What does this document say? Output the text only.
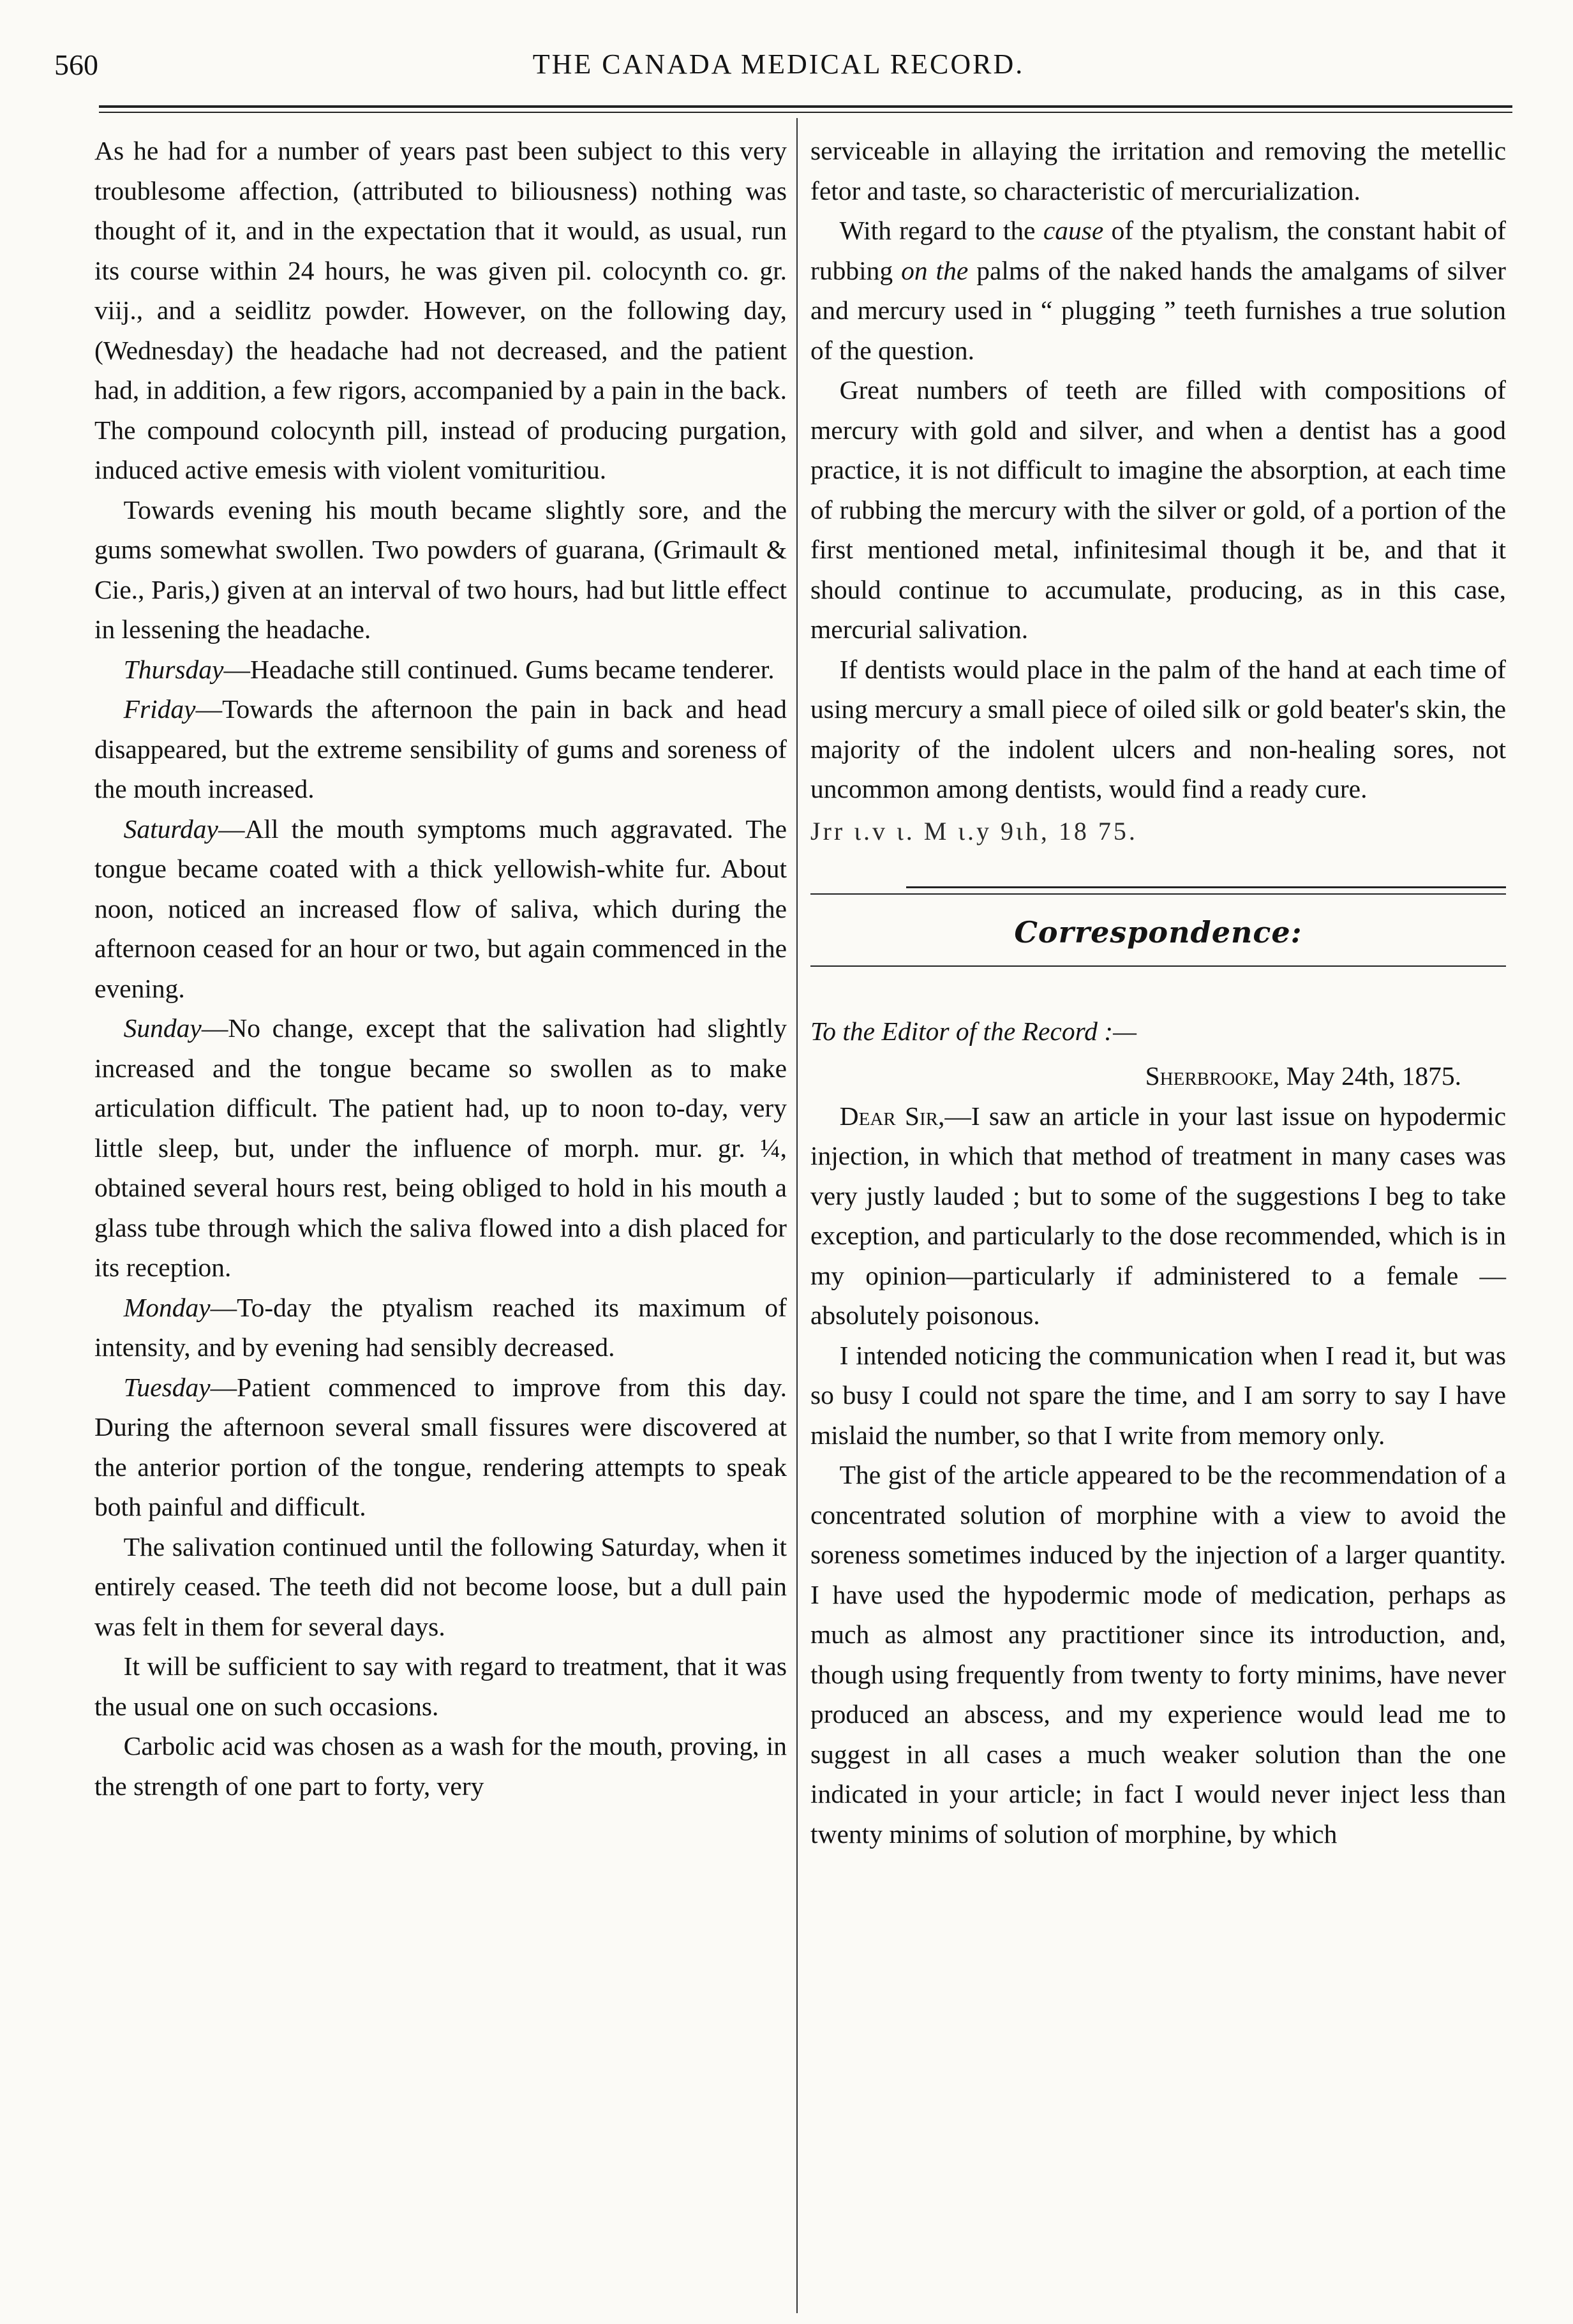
560	THE CANADA MEDICAL RECORD.

As he had for a number of years past been subject to this very troublesome affection, (attributed to biliousness) nothing was thought of it, and in the expectation that it would, as usual, run its course within 24 hours, he was given pil. colocynth co. gr. viij., and a seidlitz powder. However, on the following day, (Wednesday) the headache had not decreased, and the patient had, in addition, a few rigors, accompanied by a pain in the back. The compound colocynth pill, instead of producing purgation, induced active emesis with violent vomituritiou.

Towards evening his mouth became slightly sore, and the gums somewhat swollen. Two powders of guarana, (Grimault & Cie., Paris,) given at an interval of two hours, had but little effect in lessening the headache.

Thursday—Headache still continued. Gums became tenderer.

Friday—Towards the afternoon the pain in back and head disappeared, but the extreme sensibility of gums and soreness of the mouth increased.

Saturday—All the mouth symptoms much aggravated. The tongue became coated with a thick yellowish-white fur. About noon, noticed an increased flow of saliva, which during the afternoon ceased for an hour or two, but again commenced in the evening.

Sunday—No change, except that the salivation had slightly increased and the tongue became so swollen as to make articulation difficult. The patient had, up to noon to-day, very little sleep, but, under the influence of morph. mur. gr. ¼, obtained several hours rest, being obliged to hold in his mouth a glass tube through which the saliva flowed into a dish placed for its reception.

Monday—To-day the ptyalism reached its maximum of intensity, and by evening had sensibly decreased.

Tuesday—Patient commenced to improve from this day. During the afternoon several small fissures were discovered at the anterior portion of the tongue, rendering attempts to speak both painful and difficult.

The salivation continued until the following Saturday, when it entirely ceased. The teeth did not become loose, but a dull pain was felt in them for several days.

It will be sufficient to say with regard to treatment, that it was the usual one on such occasions.

Carbolic acid was chosen as a wash for the mouth, proving, in the strength of one part to forty, very

serviceable in allaying the irritation and removing the metellic fetor and taste, so characteristic of mercurialization.

With regard to the cause of the ptyalism, the constant habit of rubbing on the palms of the naked hands the amalgams of silver and mercury used in “ plugging ” teeth furnishes a true solution of the question.

Great numbers of teeth are filled with compositions of mercury with gold and silver, and when a dentist has a good practice, it is not difficult to imagine the absorption, at each time of rubbing the mercury with the silver or gold, of a portion of the first mentioned metal, infinitesimal though it be, and that it should continue to accumulate, producing, as in this case, mercurial salivation.

If dentists would place in the palm of the hand at each time of using mercury a small piece of oiled silk or gold beater's skin, the majority of the indolent ulcers and non-healing sores, not uncommon among dentists, would find a ready cure.

Jrr ι.v ι. M ι.y 9ιh, 18 75.

Correspondence:

To the Editor of the Record :—

Sherbrooke, May 24th, 1875.

Dear Sir,—I saw an article in your last issue on hypodermic injection, in which that method of treatment in many cases was very justly lauded ; but to some of the suggestions I beg to take exception, and particularly to the dose recommended, which is in my opinion—particularly if administered to a female —absolutely poisonous.

I intended noticing the communication when I read it, but was so busy I could not spare the time, and I am sorry to say I have mislaid the number, so that I write from memory only.

The gist of the article appeared to be the recommendation of a concentrated solution of morphine with a view to avoid the soreness sometimes induced by the injection of a larger quantity. I have used the hypodermic mode of medication, perhaps as much as almost any practitioner since its introduction, and, though using frequently from twenty to forty minims, have never produced an abscess, and my experience would lead me to suggest in all cases a much weaker solution than the one indicated in your article; in fact I would never inject less than twenty minims of solution of morphine, by which
